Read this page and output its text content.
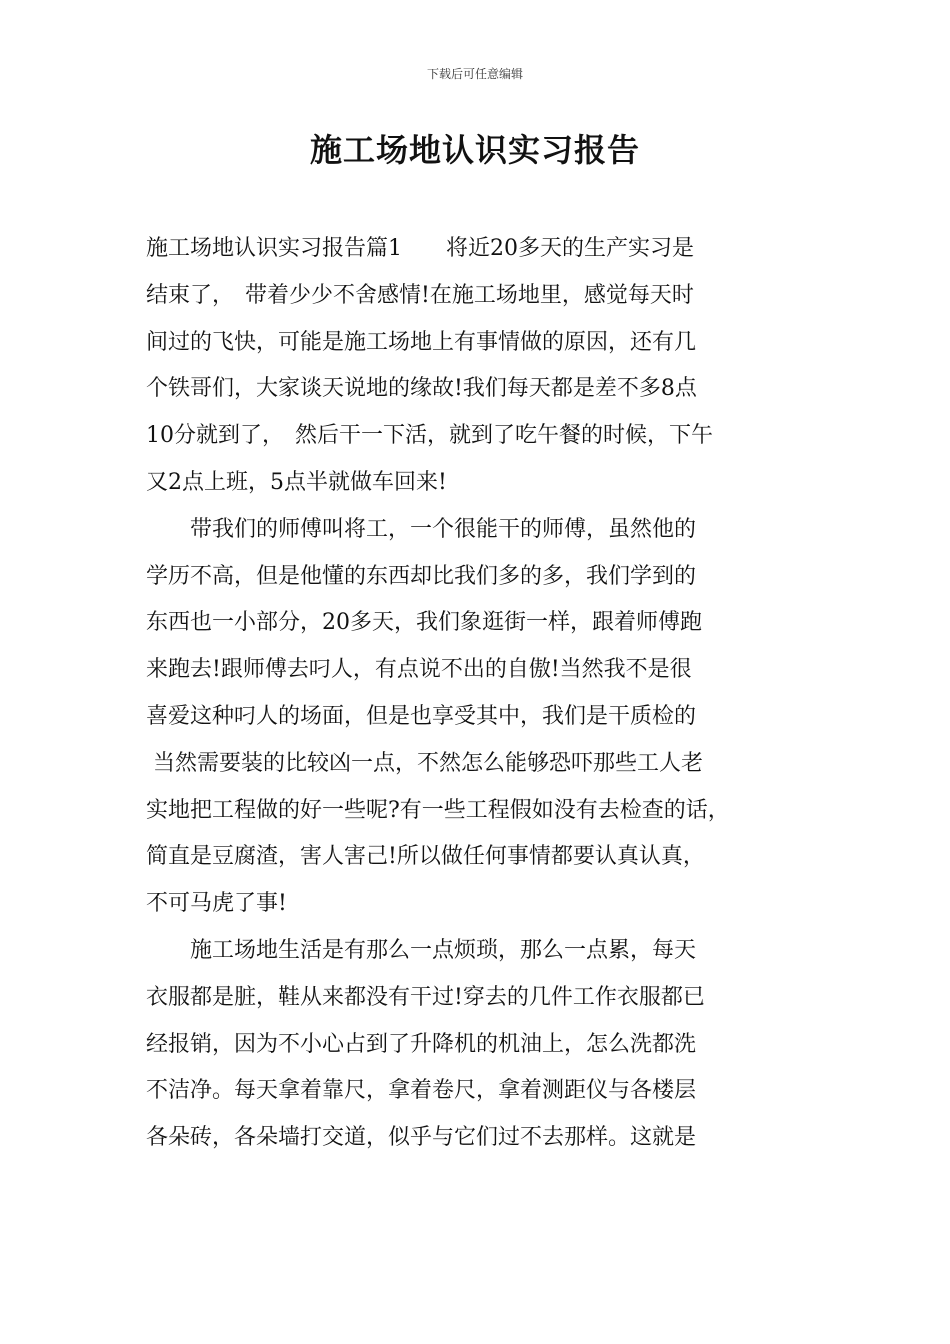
下载后可任意编辑
施工场地认识实习报告
施工场地认识实习报告篇1　　将近20多天的生产实习是
结束了，　带着少少不舍感情!在施工场地里，感觉每天时
间过的飞快，可能是施工场地上有事情做的原因，还有几
个铁哥们，大家谈天说地的缘故!我们每天都是差不多8点
10分就到了，　然后干一下活，就到了吃午餐的时候，下午
又2点上班，5点半就做车回来!
　　带我们的师傅叫将工，一个很能干的师傅，虽然他的
学历不高，但是他懂的东西却比我们多的多，我们学到的
东西也一小部分，20多天，我们象逛街一样，跟着师傅跑
来跑去!跟师傅去叼人，有点说不出的自傲!当然我不是很
喜爱这种叼人的场面，但是也享受其中，我们是干质检的
当然需要装的比较凶一点，不然怎么能够恐吓那些工人老
实地把工程做的好一些呢?有一些工程假如没有去检查的话，
简直是豆腐渣，害人害己!所以做任何事情都要认真认真，
不可马虎了事!
　　施工场地生活是有那么一点烦琐，那么一点累，每天
衣服都是脏，鞋从来都没有干过!穿去的几件工作衣服都已
经报销，因为不小心占到了升降机的机油上，怎么洗都洗
不洁净。每天拿着靠尺，拿着卷尺，拿着测距仪与各楼层
各朵砖，各朵墙打交道，似乎与它们过不去那样。这就是
